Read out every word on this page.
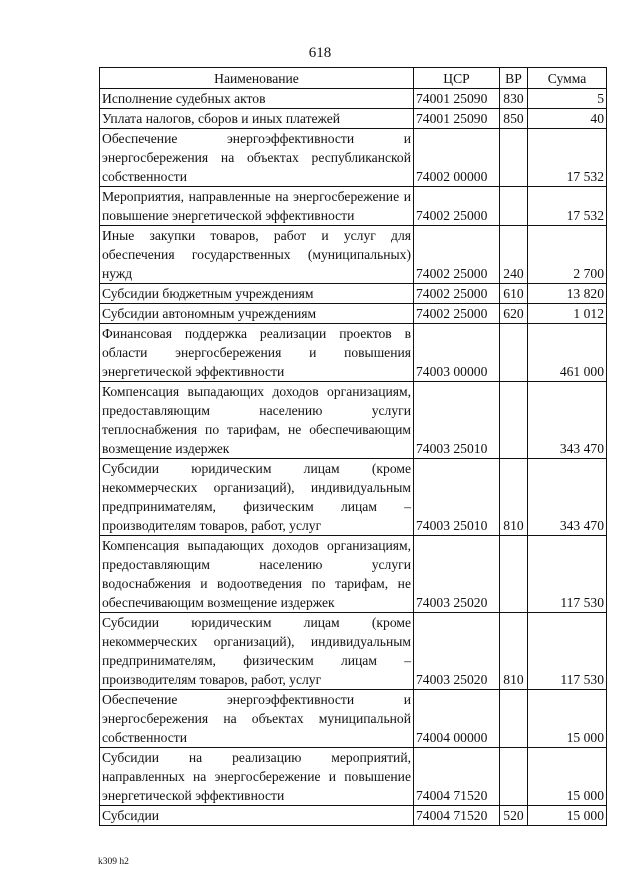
618
Наименование	ЦСР	ВР	Сумма
Исполнение судебных актов	74001 25090	830	5
Уплата налогов, сборов и иных платежей	74001 25090	850	40
Обеспечение энергоэффективности и энергосбережения на объектах республиканской собственности	74002 00000		17 532
Мероприятия, направленные на энергосбережение и повышение энергетической эффективности	74002 25000		17 532
Иные закупки товаров, работ и услуг для обеспечения государственных (муниципальных) нужд	74002 25000	240	2 700
Субсидии бюджетным учреждениям	74002 25000	610	13 820
Субсидии автономным учреждениям	74002 25000	620	1 012
Финансовая поддержка реализации проектов в области энергосбережения и повышения энергетической эффективности	74003 00000		461 000
Компенсация выпадающих доходов организациям, предоставляющим населению услуги теплоснабжения по тарифам, не обеспечивающим возмещение издержек	74003 25010		343 470
Субсидии юридическим лицам (кроме некоммерческих организаций), индивидуальным предпринимателям, физическим лицам – производителям товаров, работ, услуг	74003 25010	810	343 470
Компенсация выпадающих доходов организациям, предоставляющим населению услуги водоснабжения и водоотведения по тарифам, не обеспечивающим возмещение издержек	74003 25020		117 530
Субсидии юридическим лицам (кроме некоммерческих организаций), индивидуальным предпринимателям, физическим лицам – производителям товаров, работ, услуг	74003 25020	810	117 530
Обеспечение энергоэффективности и энергосбережения на объектах муниципальной собственности	74004 00000		15 000
Субсидии на реализацию мероприятий, направленных на энергосбережение и повышение энергетической эффективности	74004 71520		15 000
Субсидии	74004 71520	520	15 000
k309 h2
